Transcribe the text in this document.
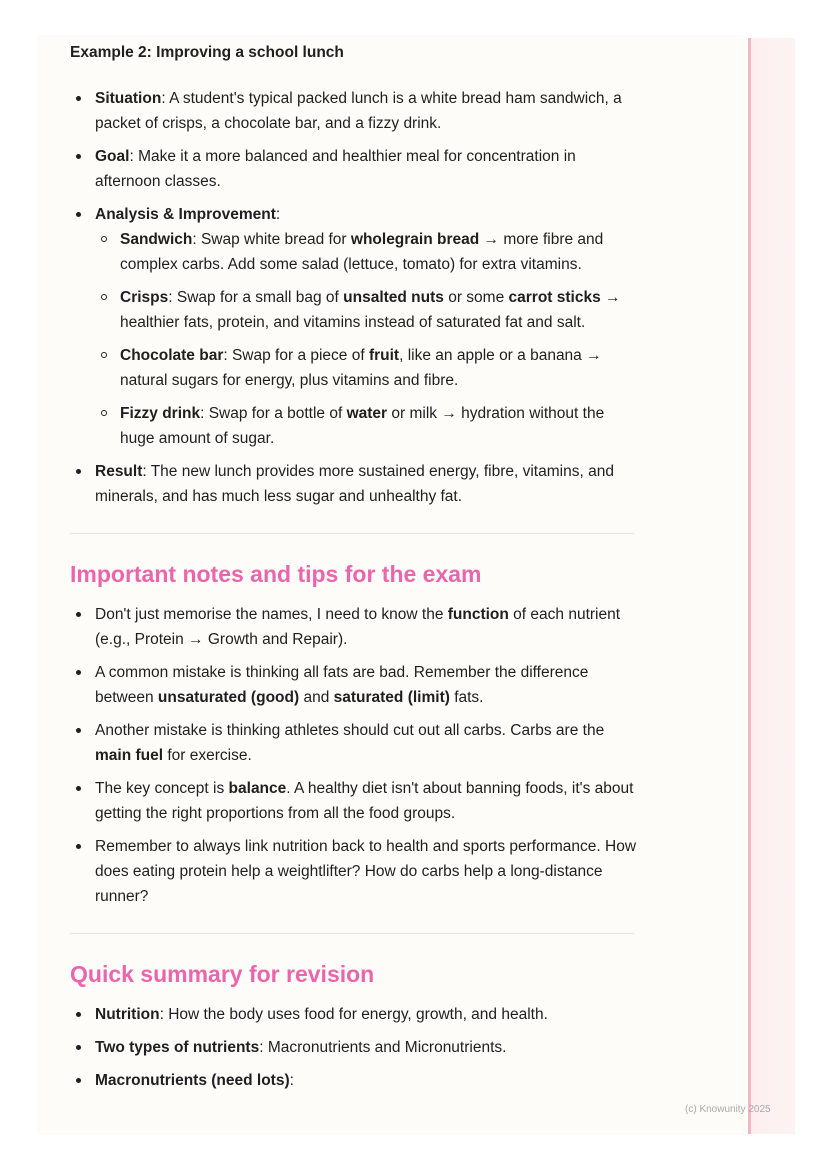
Example 2: Improving a school lunch
Situation: A student's typical packed lunch is a white bread ham sandwich, a packet of crisps, a chocolate bar, and a fizzy drink.
Goal: Make it a more balanced and healthier meal for concentration in afternoon classes.
Analysis & Improvement:
Sandwich: Swap white bread for wholegrain bread → more fibre and complex carbs. Add some salad (lettuce, tomato) for extra vitamins.
Crisps: Swap for a small bag of unsalted nuts or some carrot sticks → healthier fats, protein, and vitamins instead of saturated fat and salt.
Chocolate bar: Swap for a piece of fruit, like an apple or a banana → natural sugars for energy, plus vitamins and fibre.
Fizzy drink: Swap for a bottle of water or milk → hydration without the huge amount of sugar.
Result: The new lunch provides more sustained energy, fibre, vitamins, and minerals, and has much less sugar and unhealthy fat.
Important notes and tips for the exam
Don't just memorise the names, I need to know the function of each nutrient (e.g., Protein → Growth and Repair).
A common mistake is thinking all fats are bad. Remember the difference between unsaturated (good) and saturated (limit) fats.
Another mistake is thinking athletes should cut out all carbs. Carbs are the main fuel for exercise.
The key concept is balance. A healthy diet isn't about banning foods, it's about getting the right proportions from all the food groups.
Remember to always link nutrition back to health and sports performance. How does eating protein help a weightlifter? How do carbs help a long-distance runner?
Quick summary for revision
Nutrition: How the body uses food for energy, growth, and health.
Two types of nutrients: Macronutrients and Micronutrients.
Macronutrients (need lots):
(c) Knowunity 2025
